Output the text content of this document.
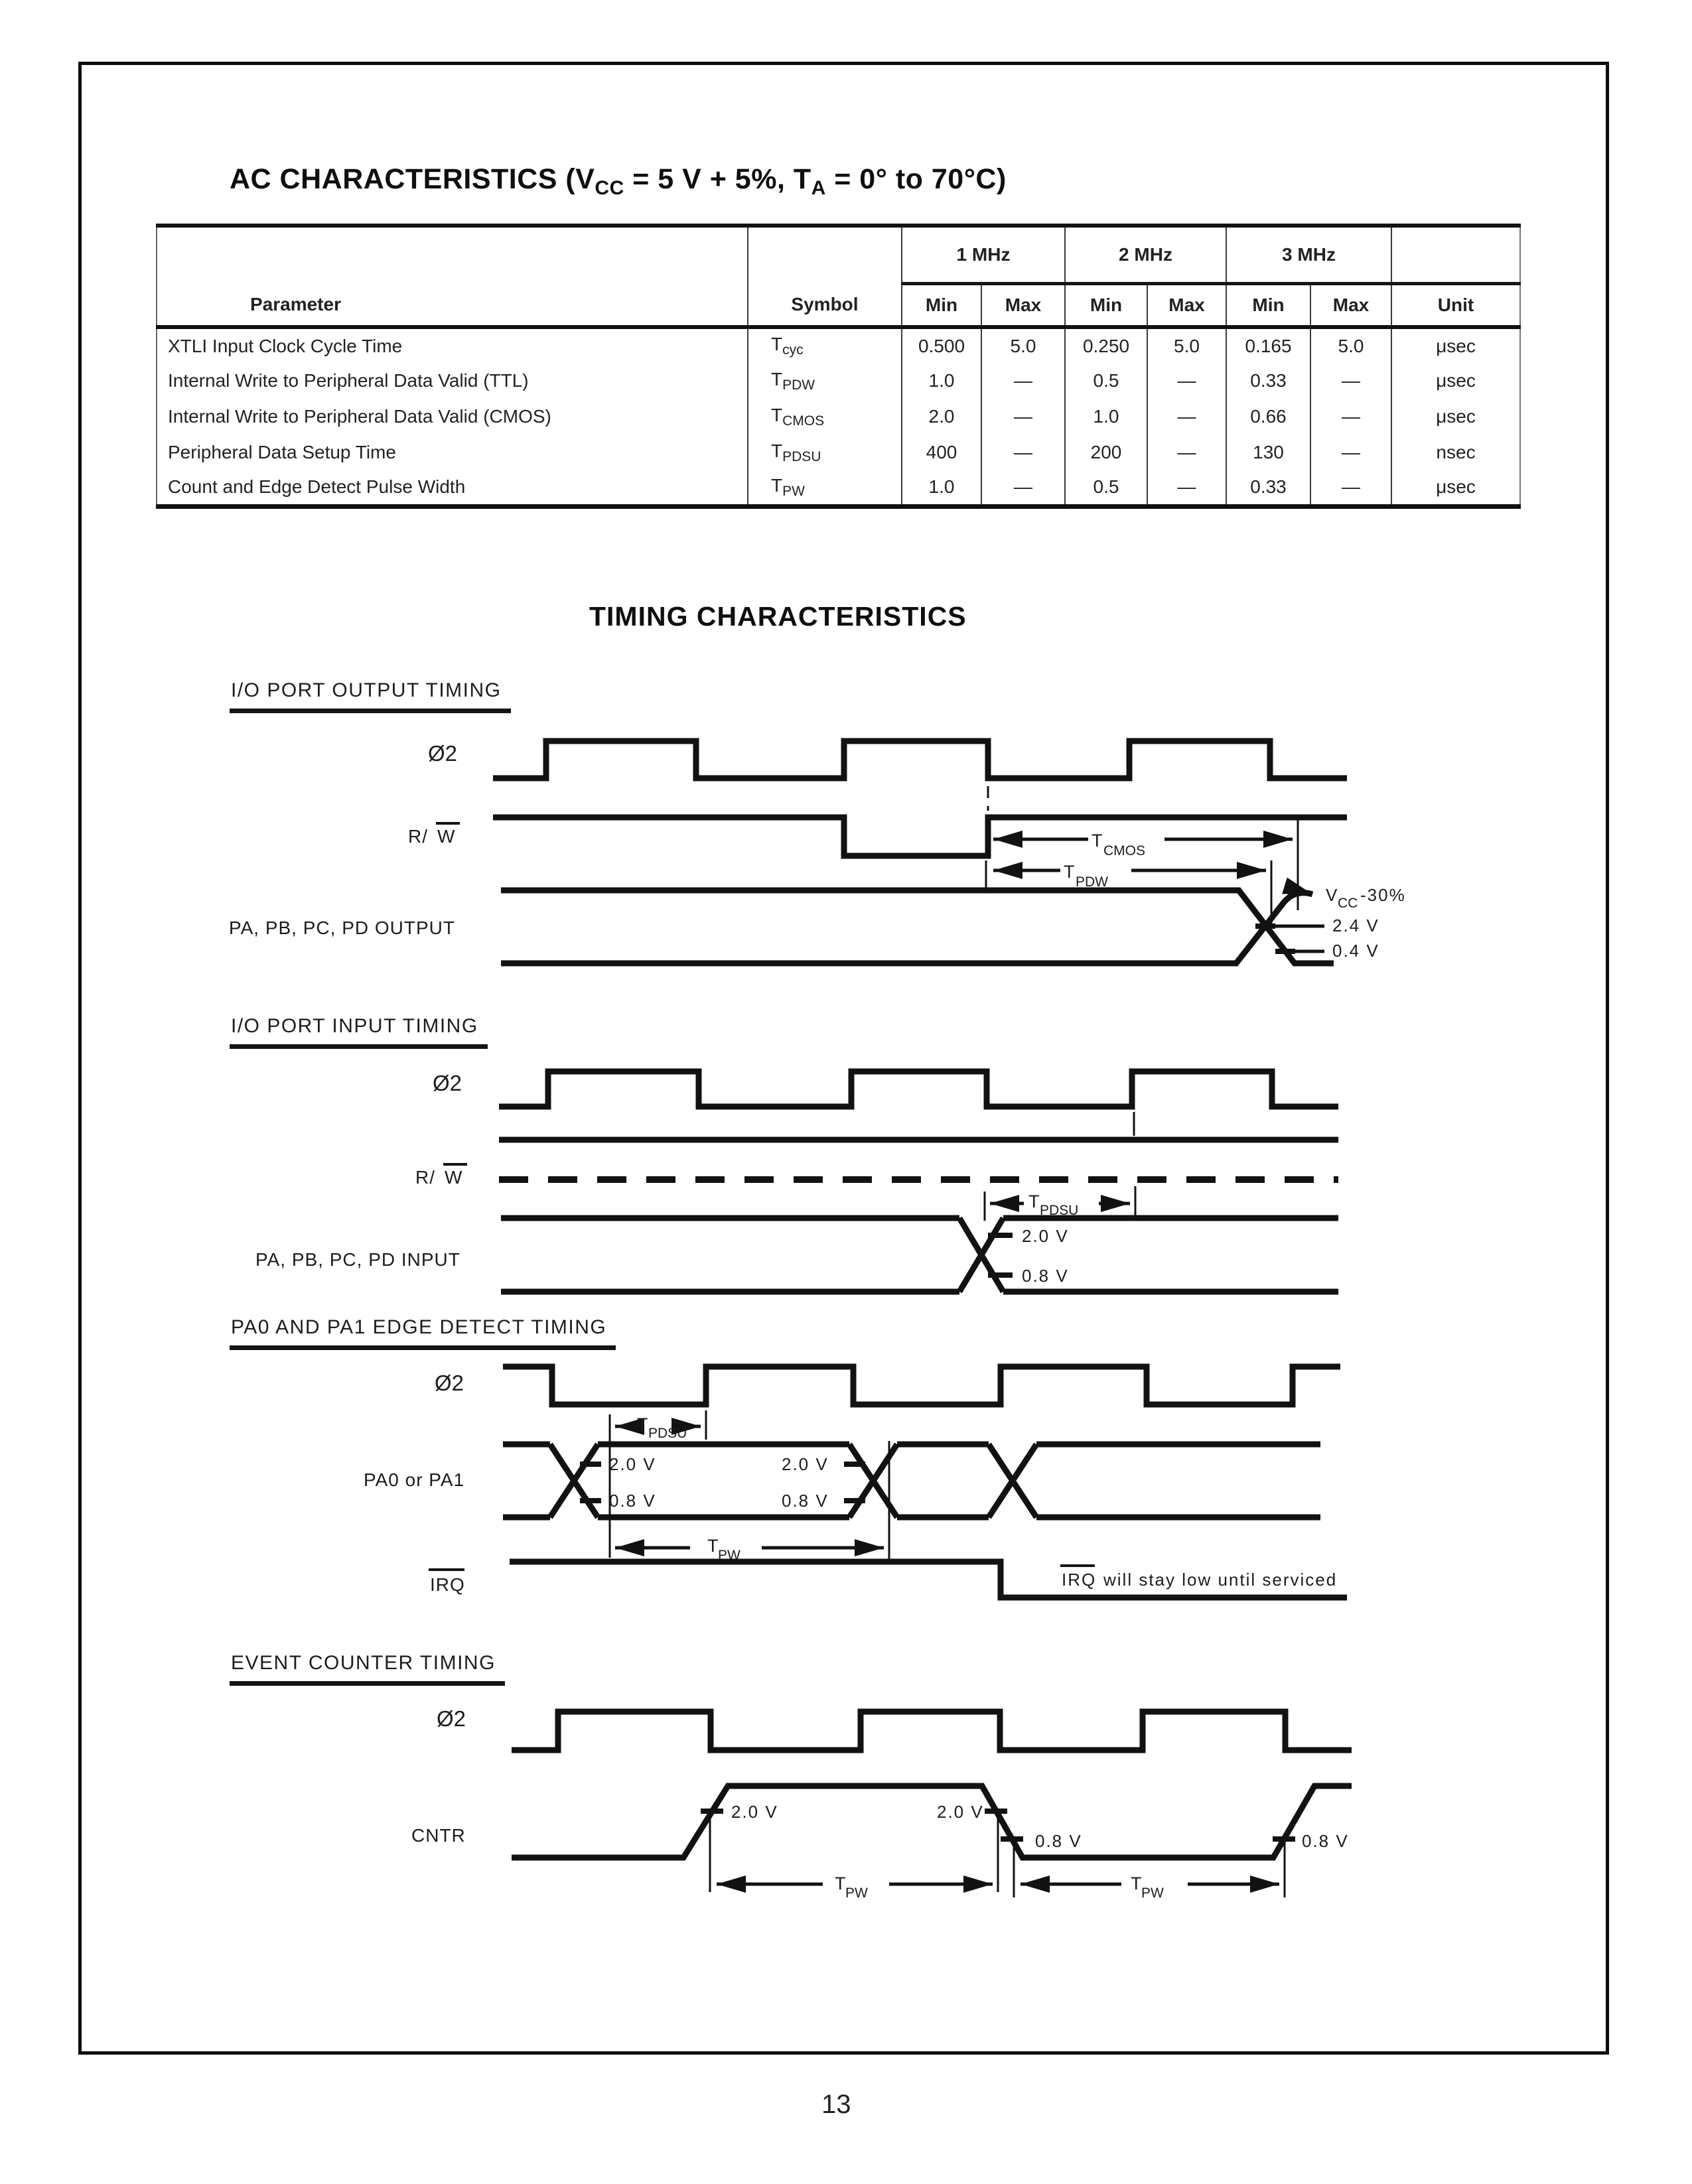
AC CHARACTERISTICS ($V_{CC} = 5$ V + 5%, $T_A = 0^\circ$ to 70°C)
		1 MHz		2 MHz		3 MHz		
Parameter	Symbol	Min	Max	Min	Max	Min	Max	Unit
XTLI Input Clock Cycle Time	$T_{cyc}$	0.500	5.0	0.250	5.0	0.165	5.0	μsec
Internal Write to Peripheral Data Valid (TTL)	$T_{PDW}$	1.0	—	0.5	—	0.33	—	μsec
Internal Write to Peripheral Data Valid (CMOS)	$T_{CMOS}$	2.0	—	1.0	—	0.66	—	μsec
Peripheral Data Setup Time	$T_{PDSU}$	400	—	200	—	130	—	nsec
Count and Edge Detect Pulse Width	$T_{PW}$	1.0	—	0.5	—	0.33	—	μsec
TIMING CHARACTERISTICS
I/O PORT OUTPUT TIMING
I/O PORT INPUT TIMING
PA0 AND PA1 EDGE DETECT TIMING
EVENT COUNTER TIMING
Ø2
R/ W	T
CMOS
T
PDW
PA, PB, PC, PD OUTPUT
V
CC -30%
2.4 V
0.4 V
Ø2
R/ W
T PDSU
PA, PB, PC, PD INPUT
2.0 V
0.8 V
Ø2
T PDSU
PA0 or PA1
2.0 V
0.8 V
2.0 V
0.8 V
T PW
IRQ	IRQ will stay low until serviced
Ø2
CNTR
2.0 V	2.0 V
0.8 V	0.8 V
T PW	T PW
13
